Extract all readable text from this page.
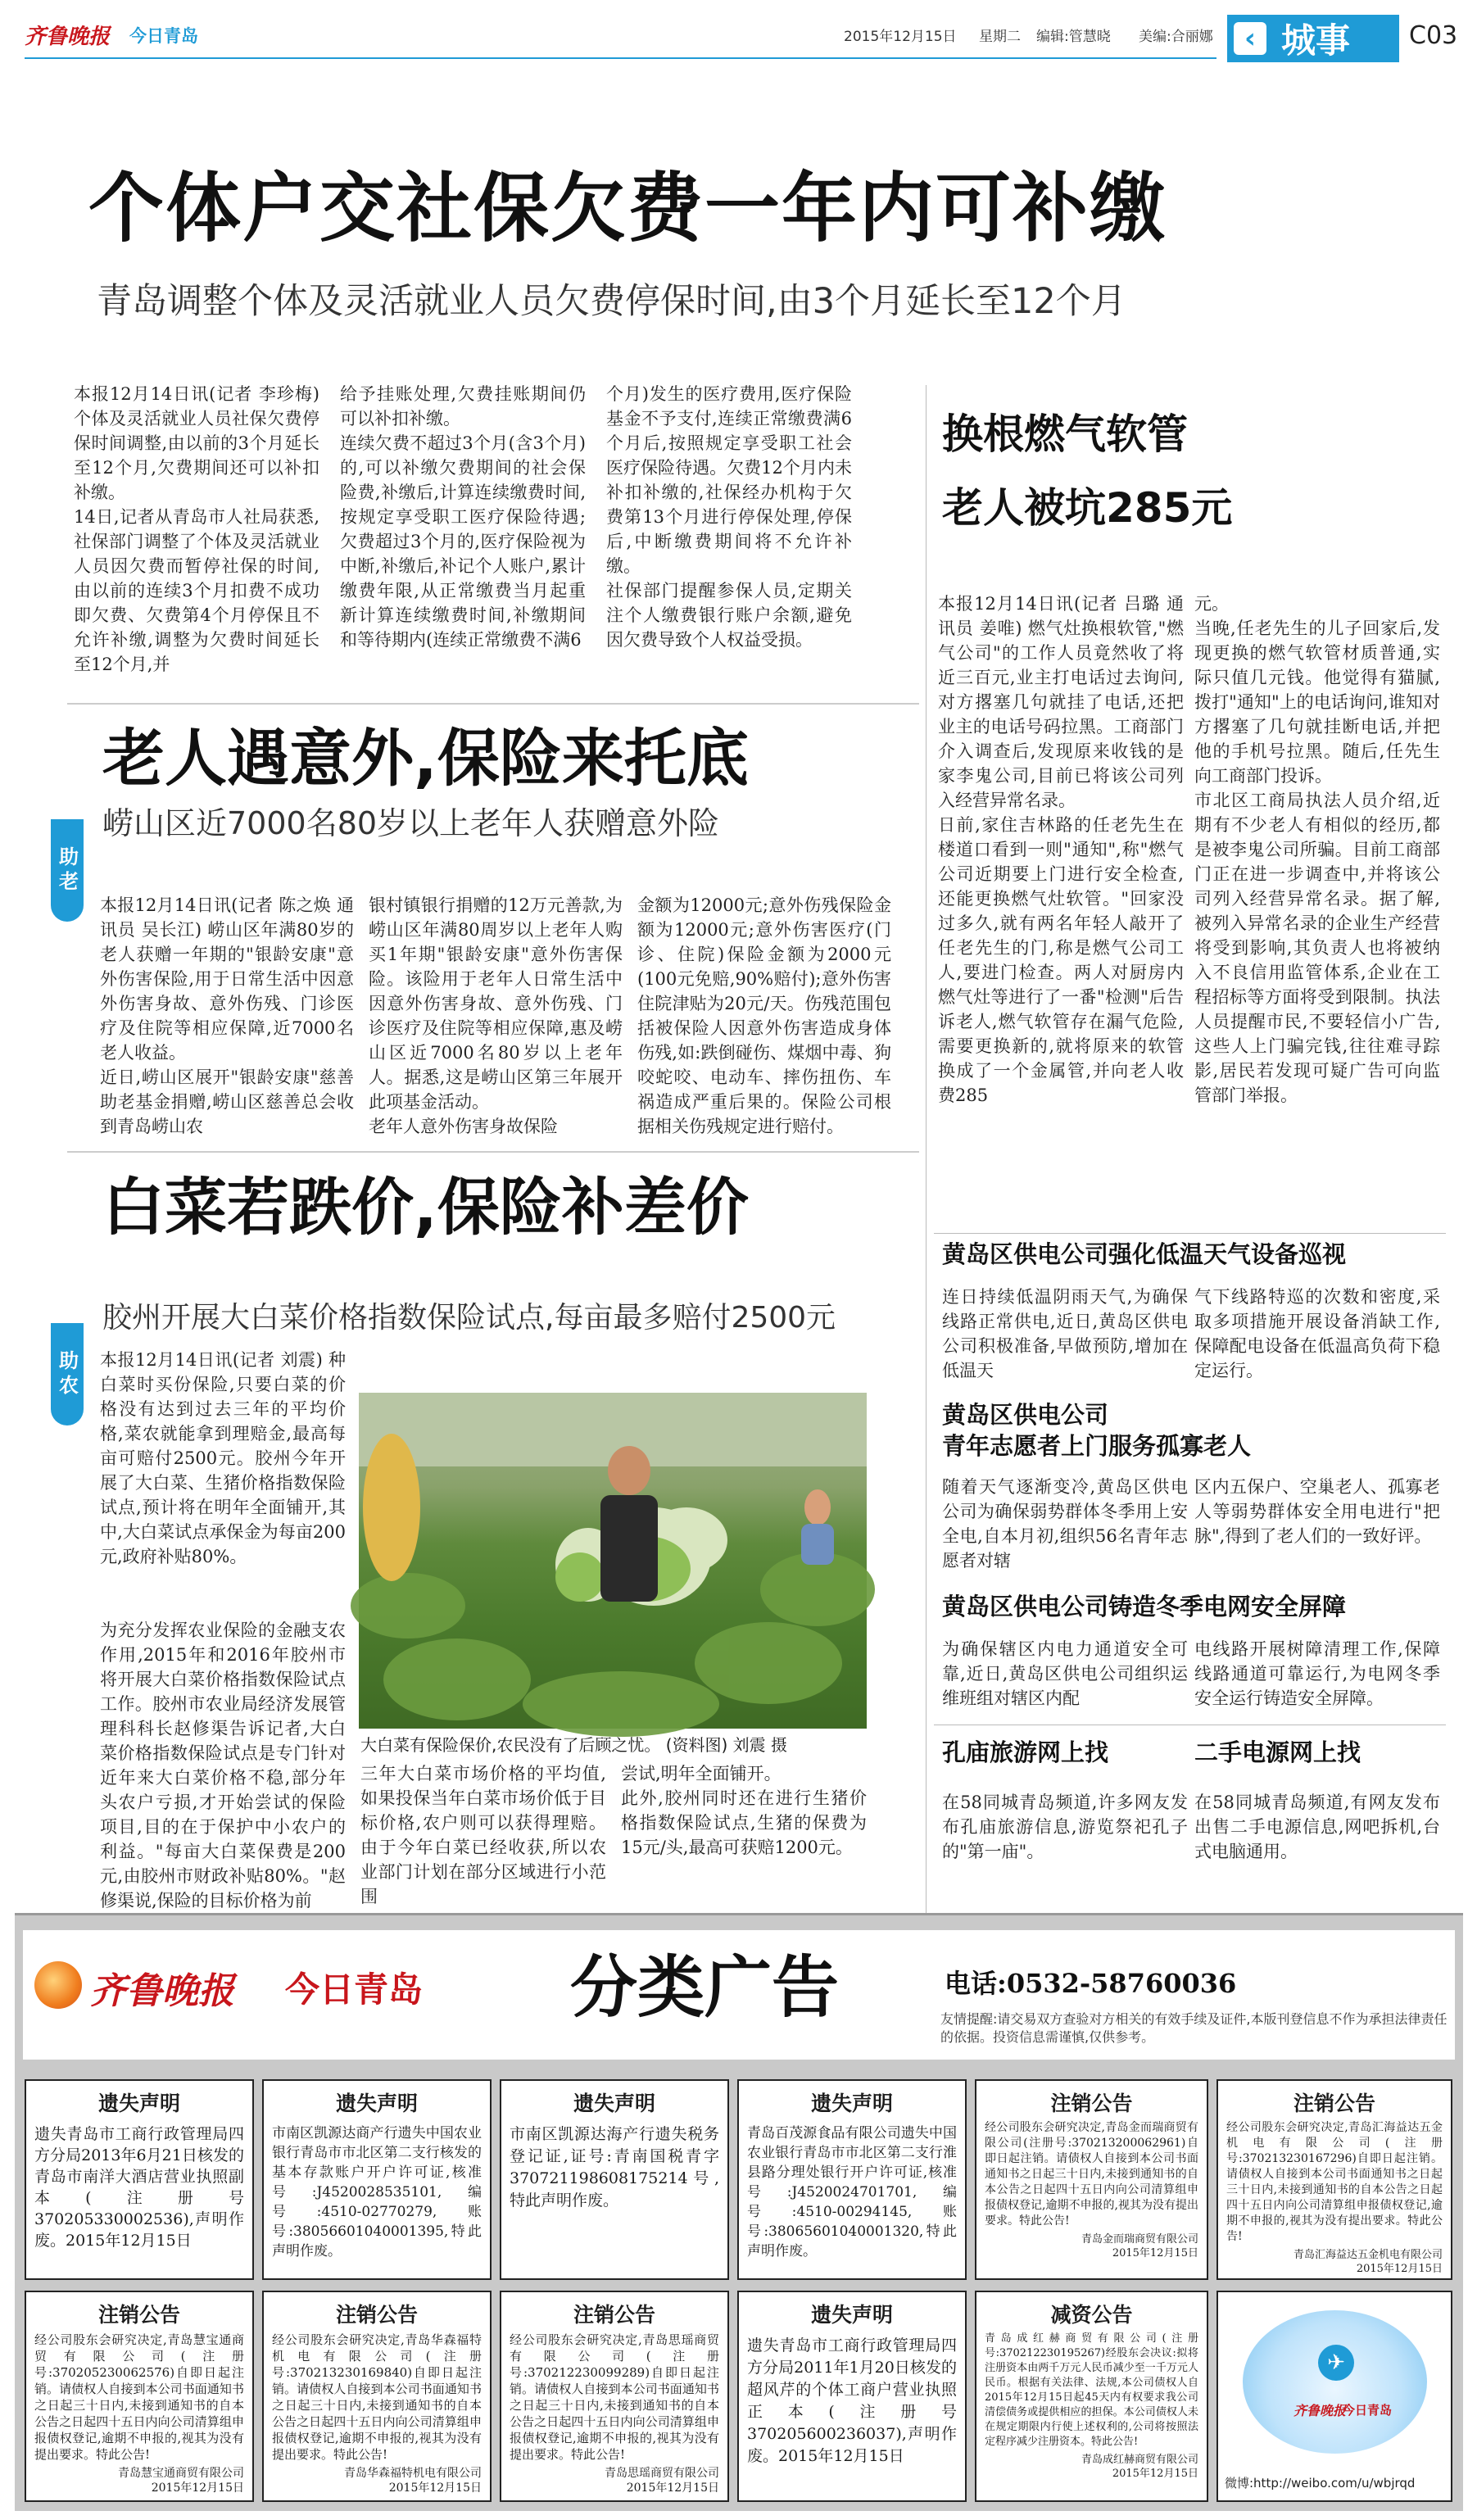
齐鲁晚报 今日青岛	2015年12月15日 星期二 编辑:管慧晓 美编:合丽娜	‹ 城事 C03
个体户交社保欠费一年内可补缴
青岛调整个体及灵活就业人员欠费停保时间,由3个月延长至12个月
本报12月14日讯(记者 李珍梅) 个体及灵活就业人员社保欠费停保时间调整,由以前的3个月延长至12个月,欠费期间还可以补扣补缴。
14日,记者从青岛市人社局获悉,社保部门调整了个体及灵活就业人员因欠费而暂停社保的时间,由以前的连续3个月扣费不成功即欠费、欠费第4个月停保且不允许补缴,调整为欠费时间延长至12个月,并
给予挂账处理,欠费挂账期间仍可以补扣补缴。
连续欠费不超过3个月(含3个月)的,可以补缴欠费期间的社会保险费,补缴后,计算连续缴费时间,按规定享受职工医疗保险待遇;欠费超过3个月的,医疗保险视为中断,补缴后,补记个人账户,累计缴费年限,从正常缴费当月起重新计算连续缴费时间,补缴期间和等待期内(连续正常缴费不满6
个月)发生的医疗费用,医疗保险基金不予支付,连续正常缴费满6个月后,按照规定享受职工社会医疗保险待遇。欠费12个月内未补扣补缴的,社保经办机构于欠费第13个月进行停保处理,停保后,中断缴费期间将不允许补缴。
社保部门提醒参保人员,定期关注个人缴费银行账户余额,避免因欠费导致个人权益受损。
换根燃气软管
老人被坑285元
本报12月14日讯(记者 吕璐 通讯员 姜唯) 燃气灶换根软管,"燃气公司"的工作人员竟然收了将近三百元,业主打电话过去询问,对方撂塞几句就挂了电话,还把业主的电话号码拉黑。工商部门介入调查后,发现原来收钱的是家李鬼公司,目前已将该公司列入经营异常名录。
日前,家住吉林路的任老先生在楼道口看到一则"通知",称"燃气公司近期要上门进行安全检查,还能更换燃气灶软管。"回家没过多久,就有两名年轻人敲开了任老先生的门,称是燃气公司工人,要进门检查。两人对厨房内燃气灶等进行了一番"检测"后告诉老人,燃气软管存在漏气危险,需要更换新的,就将原来的软管换成了一个金属管,并向老人收费285
元。
当晚,任老先生的儿子回家后,发现更换的燃气软管材质普通,实际只值几元钱。他觉得有猫腻,拨打"通知"上的电话询问,谁知对方撂塞了几句就挂断电话,并把他的手机号拉黑。随后,任先生向工商部门投诉。
市北区工商局执法人员介绍,近期有不少老人有相似的经历,都是被李鬼公司所骗。目前工商部门正在进一步调查中,并将该公司列入经营异常名录。据了解,被列入异常名录的企业生产经营将受到影响,其负责人也将被纳入不良信用监管体系,企业在工程招标等方面将受到限制。执法人员提醒市民,不要轻信小广告,这些人上门骗完钱,往往难寻踪影,居民若发现可疑广告可向监管部门举报。
助老
老人遇意外,保险来托底
崂山区近7000名80岁以上老年人获赠意外险
本报12月14日讯(记者 陈之焕 通讯员 吴长江) 崂山区年满80岁的老人获赠一年期的"银龄安康"意外伤害保险,用于日常生活中因意外伤害身故、意外伤残、门诊医疗及住院等相应保障,近7000名老人收益。
近日,崂山区展开"银龄安康"慈善助老基金捐赠,崂山区慈善总会收到青岛崂山农
银村镇银行捐赠的12万元善款,为崂山区年满80周岁以上老年人购买1年期"银龄安康"意外伤害保险。该险用于老年人日常生活中因意外伤害身故、意外伤残、门诊医疗及住院等相应保障,惠及崂山区近7000名80岁以上老年人。据悉,这是崂山区第三年展开此项基金活动。
老年人意外伤害身故保险
金额为12000元;意外伤残保险金额为12000元;意外伤害医疗(门诊、住院)保险金额为2000元(100元免赔,90%赔付);意外伤害住院津贴为20元/天。伤残范围包括被保险人因意外伤害造成身体伤残,如:跌倒碰伤、煤烟中毒、狗咬蛇咬、电动车、摔伤扭伤、车祸造成严重后果的。保险公司根据相关伤残规定进行赔付。
助农
白菜若跌价,保险补差价
胶州开展大白菜价格指数保险试点,每亩最多赔付2500元
本报12月14日讯(记者 刘震) 种白菜时买份保险,只要白菜的价格没有达到过去三年的平均价格,菜农就能拿到理赔金,最高每亩可赔付2500元。胶州今年开展了大白菜、生猪价格指数保险试点,预计将在明年全面铺开,其中,大白菜试点承保金为每亩200元,政府补贴80%。
为充分发挥农业保险的金融支农作用,2015年和2016年胶州市将开展大白菜价格指数保险试点工作。胶州市农业局经济发展管理科科长赵修渠告诉记者,大白菜价格指数保险试点是专门针对近年来大白菜价格不稳,部分年头农户亏损,才开始尝试的保险项目,目的在于保护中小农户的利益。"每亩大白菜保费是200元,由胶州市财政补贴80%。"赵修渠说,保险的目标价格为前
大白菜有保险保价,农民没有了后顾之忧。 (资料图) 刘震 摄
三年大白菜市场价格的平均值,如果投保当年白菜市场价低于目标价格,农户则可以获得理赔。由于今年白菜已经收获,所以农业部门计划在部分区域进行小范围
尝试,明年全面铺开。
此外,胶州同时还在进行生猪价格指数保险试点,生猪的保费为15元/头,最高可获赔1200元。
黄岛区供电公司强化低温天气设备巡视
连日持续低温阴雨天气,为确保线路正常供电,近日,黄岛区供电公司积极准备,早做预防,增加在低温天
气下线路特巡的次数和密度,采取多项措施开展设备消缺工作,保障配电设备在低温高负荷下稳定运行。
黄岛区供电公司
青年志愿者上门服务孤寡老人
随着天气逐渐变冷,黄岛区供电公司为确保弱势群体冬季用上安全电,自本月初,组织56名青年志愿者对辖
区内五保户、空巢老人、孤寡老人等弱势群体安全用电进行"把脉",得到了老人们的一致好评。
黄岛区供电公司铸造冬季电网安全屏障
为确保辖区内电力通道安全可靠,近日,黄岛区供电公司组织运维班组对辖区内配
电线路开展树障清理工作,保障线路通道可靠运行,为电网冬季安全运行铸造安全屏障。
孔庙旅游网上找
在58同城青岛频道,许多网友发布孔庙旅游信息,游览祭祀孔子的"第一庙"。
二手电源网上找
在58同城青岛频道,有网友发布出售二手电源信息,网吧拆机,台式电脑通用。
齐鲁晚报 今日青岛 分类广告	电话:0532-58760036
友情提醒:请交易双方查验对方相关的有效手续及证件,本版刊登信息不作为承担法律责任的依据。投资信息需谨慎,仅供参考。
遗失声明
遗失青岛市工商行政管理局四方分局2013年6月21日核发的青岛市南洋大酒店营业执照副本(注册号370205330002536),声明作废。2015年12月15日
遗失声明
市南区凯源达商产行遗失中国农业银行青岛市市北区第二支行核发的基本存款账户开户许可证,核准号:J4520028535101,编号:4510-02770279,账号:38056601040001395,特此声明作废。
遗失声明
市南区凯源达海产行遗失税务登记证,证号:青南国税青字370721198608175214号,特此声明作废。
遗失声明
青岛百茂源食品有限公司遗失中国农业银行青岛市市北区第二支行淮县路分理处银行开户许可证,核准号:J4520024701701,编号:4510-00294145,账号:38065601040001320,特此声明作废。
注销公告
经公司股东会研究决定,青岛金而瑞商贸有限公司(注册号:370213200062961)自即日起注销。请债权人自接到本公司书面通知书之日起三十日内,未接到通知书的自本公告之日起四十五日内向公司清算组申报债权登记,逾期不申报的,视其为没有提出要求。特此公告!
青岛金而瑞商贸有限公司
2015年12月15日
注销公告
经公司股东会研究决定,青岛汇海益达五金机电有限公司(注册号:370213230167296)自即日起注销。请债权人自接到本公司书面通知书之日起三十日内,未接到通知书的自本公告之日起四十五日内向公司清算组申报债权登记,逾期不申报的,视其为没有提出要求。特此公告!
青岛汇海益达五金机电有限公司
2015年12月15日
注销公告
经公司股东会研究决定,青岛慧宝通商贸有限公司(注册号:370205230062576)自即日起注销。请债权人自接到本公司书面通知书之日起三十日内,未接到通知书的自本公告之日起四十五日内向公司清算组申报债权登记,逾期不申报的,视其为没有提出要求。特此公告!
青岛慧宝通商贸有限公司
2015年12月15日
注销公告
经公司股东会研究决定,青岛华森福特机电有限公司(注册号:370213230169840)自即日起注销。请债权人自接到本公司书面通知书之日起三十日内,未接到通知书的自本公告之日起四十五日内向公司清算组申报债权登记,逾期不申报的,视其为没有提出要求。特此公告!
青岛华森福特机电有限公司
2015年12月15日
注销公告
经公司股东会研究决定,青岛思瑶商贸有限公司(注册号:370212230099289)自即日起注销。请债权人自接到本公司书面通知书之日起三十日内,未接到通知书的自本公告之日起四十五日内向公司清算组申报债权登记,逾期不申报的,视其为没有提出要求。特此公告!
青岛思瑶商贸有限公司
2015年12月15日
遗失声明
遗失青岛市工商行政管理局四方分局2011年1月20日核发的超风芹的个体工商户营业执照正本(注册号370205600236037),声明作废。2015年12月15日
减资公告
青岛成红赫商贸有限公司(注册号:370212230195267)经股东会决议:拟将注册资本由两千万元人民币减少至一千万元人民币。根据有关法律、法规,本公司债权人自2015年12月15日起45天内有权要求我公司清偿债务或提供相应的担保。本公司债权人未在规定期限内行使上述权利的,公司将按照法定程序减少注册资本。特此公告!
青岛成红赫商贸有限公司
2015年12月15日
齐鲁晚报
今日青岛
✈
微博:http://weibo.com/u/wbjrqd
